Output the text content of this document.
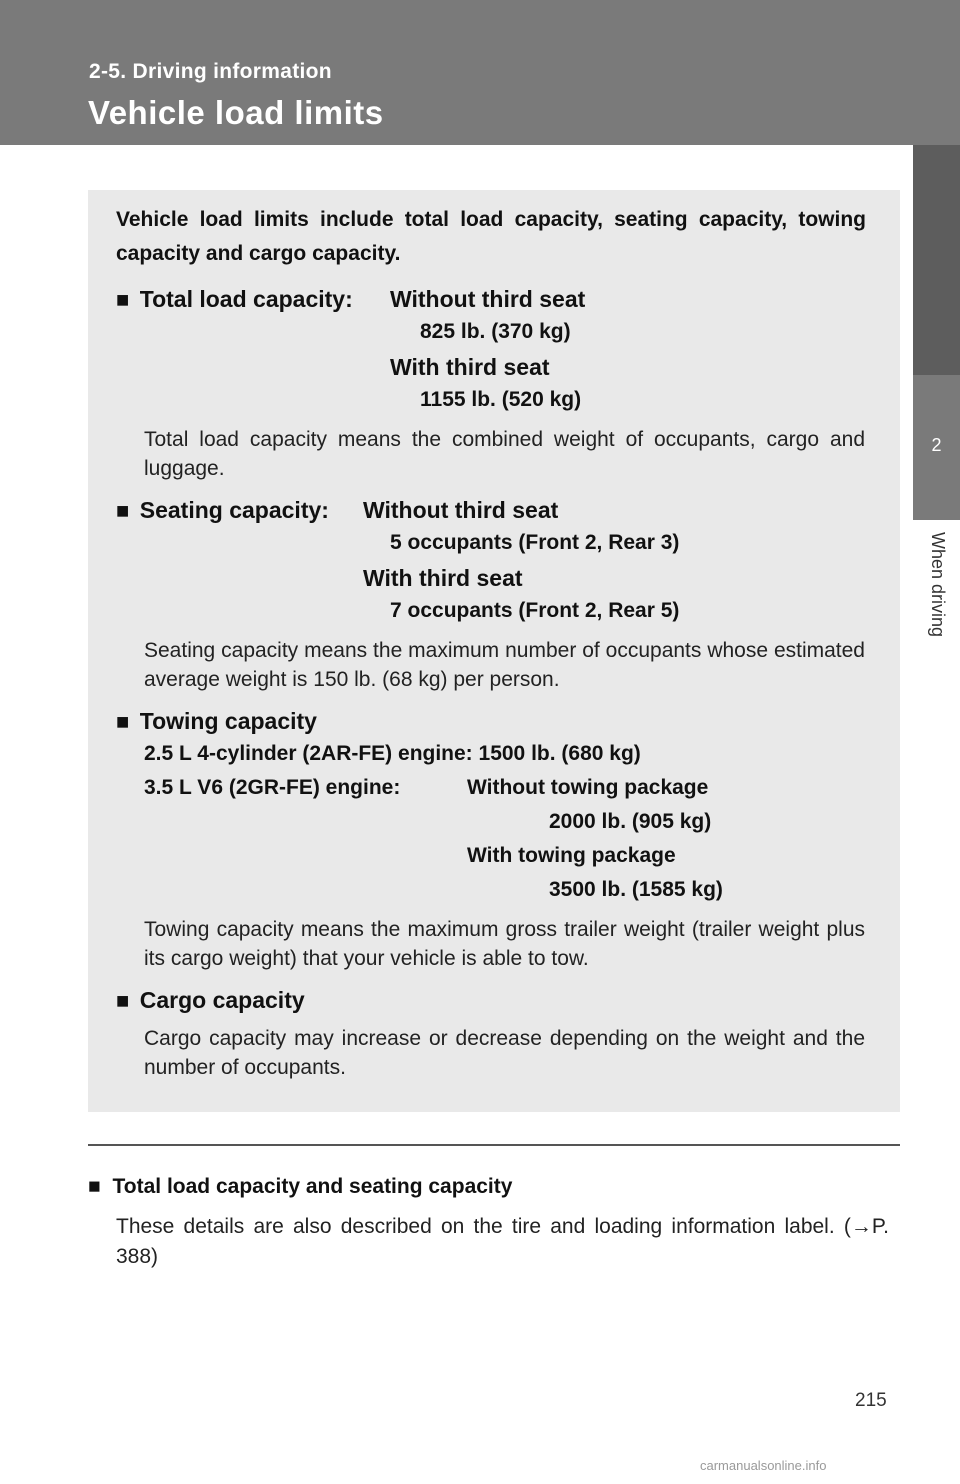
2-5. Driving information
Vehicle load limits
2
When driving
Vehicle load limits include total load capacity, seating capacity, towing capacity and cargo capacity.
■ Total load capacity: Without third seat
825 lb. (370 kg)
With third seat
1155 lb. (520 kg)
Total load capacity means the combined weight of occupants, cargo and luggage.
■ Seating capacity: Without third seat
5 occupants (Front 2, Rear 3)
With third seat
7 occupants (Front 2, Rear 5)
Seating capacity means the maximum number of occupants whose estimated average weight is 150 lb. (68 kg) per person.
■ Towing capacity
2.5 L 4-cylinder (2AR-FE) engine: 1500 lb. (680 kg)
3.5 L V6 (2GR-FE) engine:	Without towing package
2000 lb. (905 kg)
With towing package
3500 lb. (1585 kg)
Towing capacity means the maximum gross trailer weight (trailer weight plus its cargo weight) that your vehicle is able to tow.
■ Cargo capacity
Cargo capacity may increase or decrease depending on the weight and the number of occupants.
■ Total load capacity and seating capacity
These details are also described on the tire and loading information label. (→P. 388)
215
carmanualsonline.info
